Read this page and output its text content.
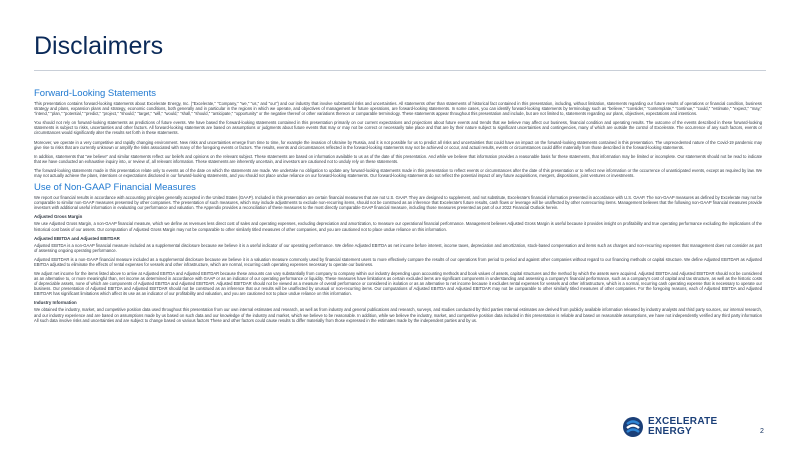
Disclaimers
Forward-Looking Statements

This presentation contains forward-looking statements about Excelerate Energy, Inc. ("Excelerate," "Company," "we," "us," and "our") and our industry that involve substantial risks and uncertainties. All statements other than statements of historical fact contained in this presentation, including, without limitation, statements regarding our future results of operations or financial condition, business strategy and plans, expansion plans and strategy, economic conditions, both generally and in particular in the regions in which we operate, and objectives of management for future operations, are forward-looking statements. In some cases, you can identify forward-looking statements by terminology such as "believe," "consider," "contemplate," "continue," "could," "estimate," "expect," "may," "intend," "plan," "potential," "predict," "project," "should," "target," "will," "would," "shall," "should," "anticipate," "opportunity" or the negative thereof or other variations thereon or comparable terminology. These statements appear throughout this presentation and include, but are not limited to, statements regarding our plans, objectives, expectations and intentions.

You should not rely on forward-looking statements as predictions of future events. We have based the forward-looking statements contained in this presentation primarily on our current expectations and projections about future events and trends that we believe may affect our business, financial condition and operating results. The outcome of the events described in these forward-looking statements is subject to risks, uncertainties and other factors. All forward-looking statements are based on assumptions or judgments about future events that may or may not be correct or necessarily take place and that are by their nature subject to significant uncertainties and contingencies, many of which are outside the control of Excelerate. The occurrence of any such factors, events or circumstances would significantly alter the results set forth in these statements.

Moreover, we operate in a very competitive and rapidly changing environment. New risks and uncertainties emerge from time to time, for example the invasion of Ukraine by Russia, and it is not possible for us to predict all risks and uncertainties that could have an impact on the forward-looking statements contained in this presentation. The unprecedented nature of the Covid-19 pandemic may give rise to risks that are currently unknown or amplify the risks associated with many of the foregoing events or factors. The results, events and circumstances reflected in the forward-looking statements may not be achieved or occur, and actual results, events or circumstances could differ materially from those described in the forward-looking statements.

In addition, statements that "we believe" and similar statements reflect our beliefs and opinions on the relevant subject. These statements are based on information available to us as of the date of this presentation. And while we believe that information provides a reasonable basis for these statements, that information may be limited or incomplete. Our statements should not be read to indicate that we have conducted an exhaustive inquiry into, or review of, all relevant information. These statements are inherently uncertain, and investors are cautioned not to unduly rely on these statements.

The forward-looking statements made in this presentation relate only to events as of the date on which the statements are made. We undertake no obligation to update any forward-looking statements made in this presentation to reflect events or circumstances after the date of this presentation or to reflect new information or the occurrence of unanticipated events, except as required by law. We may not actually achieve the plans, intentions or expectations disclosed in our forward-looking statements, and you should not place undue reliance on our forward-looking statements. Our forward-looking statements do not reflect the potential impact of any future acquisitions, mergers, dispositions, joint ventures or investments.

Use of Non-GAAP Financial Measures

We report our financial results in accordance with accounting principles generally accepted in the United States (GAAP). Included in this presentation are certain financial measures that are not U.S. GAAP. They are designed to supplement, and not substitute, Excelerate's financial information presented in accordance with U.S. GAAP. The non-GAAP measures as defined by Excelerate may not be comparable to similar non-GAAP measures presented by other companies. The presentation of such measures, which may include adjustments to exclude non-recurring items, should not be construed as an inference that Excelerate's future results, cash flows or leverage will be unaffected by other nonrecurring items. Management believes that the following non-GAAP financial measures provide investors with additional useful information in evaluating our performance and valuation. The Appendix provides a reconciliation of these measures to the most directly comparable GAAP financial measure, including those measures presented as part of our 2022 Financial Outlook herein.

Adjusted Gross Margin

We use Adjusted Gross Margin, a non-GAAP financial measure, which we define as revenues less direct cost of sales and operating expenses, excluding depreciation and amortization, to measure our operational financial performance. Management believes Adjusted Gross Margin is useful because it provides insight on profitability and true operating performance excluding the implications of the historical cost basis of our assets. Our computation of Adjusted Gross Margin may not be comparable to other similarly titled measures of other companies, and you are cautioned not to place undue reliance on this information.

Adjusted EBITDA and Adjusted EBITDAR

Adjusted EBITDA is a non-GAAP financial measure included as a supplemental disclosure because we believe it is a useful indicator of our operating performance. We define Adjusted EBITDA as net income before interest, income taxes, depreciation and amortization, stock-based compensation and items such as charges and non-recurring expenses that management does not consider as part of assessing ongoing operating performance.

Adjusted EBITDAR is a non-GAAP financial measure included as a supplemental disclosure because we believe it is a valuation measure commonly used by financial statement users to more effectively compare the results of our operations from period to period and against other companies without regard to our financing methods or capital structure. We define Adjusted EBITDAR as Adjusted EBITDA adjusted to eliminate the effects of rental expenses for vessels and other infrastructure, which are normal, recurring cash operating expenses necessary to operate our business.

We adjust net income for the items listed above to arrive at Adjusted EBITDA and Adjusted EBITDAR because these amounts can vary substantially from company to company within our industry depending upon accounting methods and book values of assets, capital structures and the method by which the assets were acquired. Adjusted EBITDA and Adjusted EBITDAR should not be considered as an alternative to, or more meaningful than, net income as determined in accordance with GAAP or as an indicator of our operating performance or liquidity. These measures have limitations as certain excluded items are significant components in understanding and assessing a company's financial performance, such as a company's cost of capital and tax structure, as well as the historic costs of depreciable assets, none of which are components of Adjusted EBITDA and Adjusted EBITDAR. Adjusted EBITDAR should not be viewed as a measure of overall performance or considered in isolation or as an alternative to net income because it excludes rental expenses for vessels and other infrastructure, which is a normal, recurring cash operating expense that is necessary to operate our business. Our presentation of Adjusted EBITDA and Adjusted EBITDAR should not be construed as an inference that our results will be unaffected by unusual or non-recurring items. Our computations of Adjusted EBITDA and Adjusted EBITDAR may not be comparable to other similarly titled measures of other companies. For the foregoing reasons, each of Adjusted EBITDA and Adjusted EBITDAR has significant limitations which affect its use as an indicator of our profitability and valuation, and you are cautioned not to place undue reliance on this information.

Industry Information

We obtained the industry, market, and competitive position data used throughout this presentation from our own internal estimates and research, as well as from industry and general publications and research, surveys, and studies conducted by third parties Internal estimates are derived from publicly available information released by industry analysts and third party sources, our internal research, and our industry experience and are based on assumptions made by us based on such data and our knowledge of the industry and market, which we believe to be reasonable. In addition, while we believe the industry, market, and competitive position data included in this presentation is reliable and based on reasonable assumptions, we have not independently verified any third party information All such data involve risks and uncertainties and are subject to change based on various factors These and other factors could cause results to differ materially from those expressed in the estimates made by the independent parties and by us.

EXCELERATE
ENERGY	2
